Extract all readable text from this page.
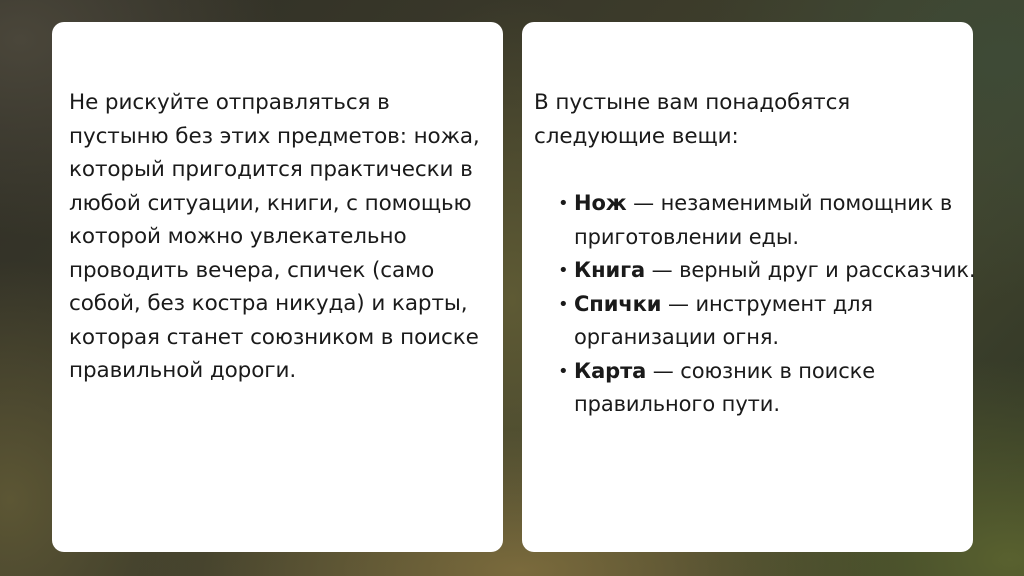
Не рискуйте отправляться в пустыню без этих предметов: ножа, который пригодится практически в любой ситуации, книги, с помощью которой можно увлекательно проводить вечера, спичек (само собой, без костра никуда) и карты, которая станет союзником в поиске правильной дороги.

В пустыне вам понадобятся следующие вещи:

• Нож — незаменимый помощник в приготовлении еды.
• Книга — верный друг и рассказчик.
• Спички — инструмент для организации огня.
• Карта — союзник в поиске правильного пути.
